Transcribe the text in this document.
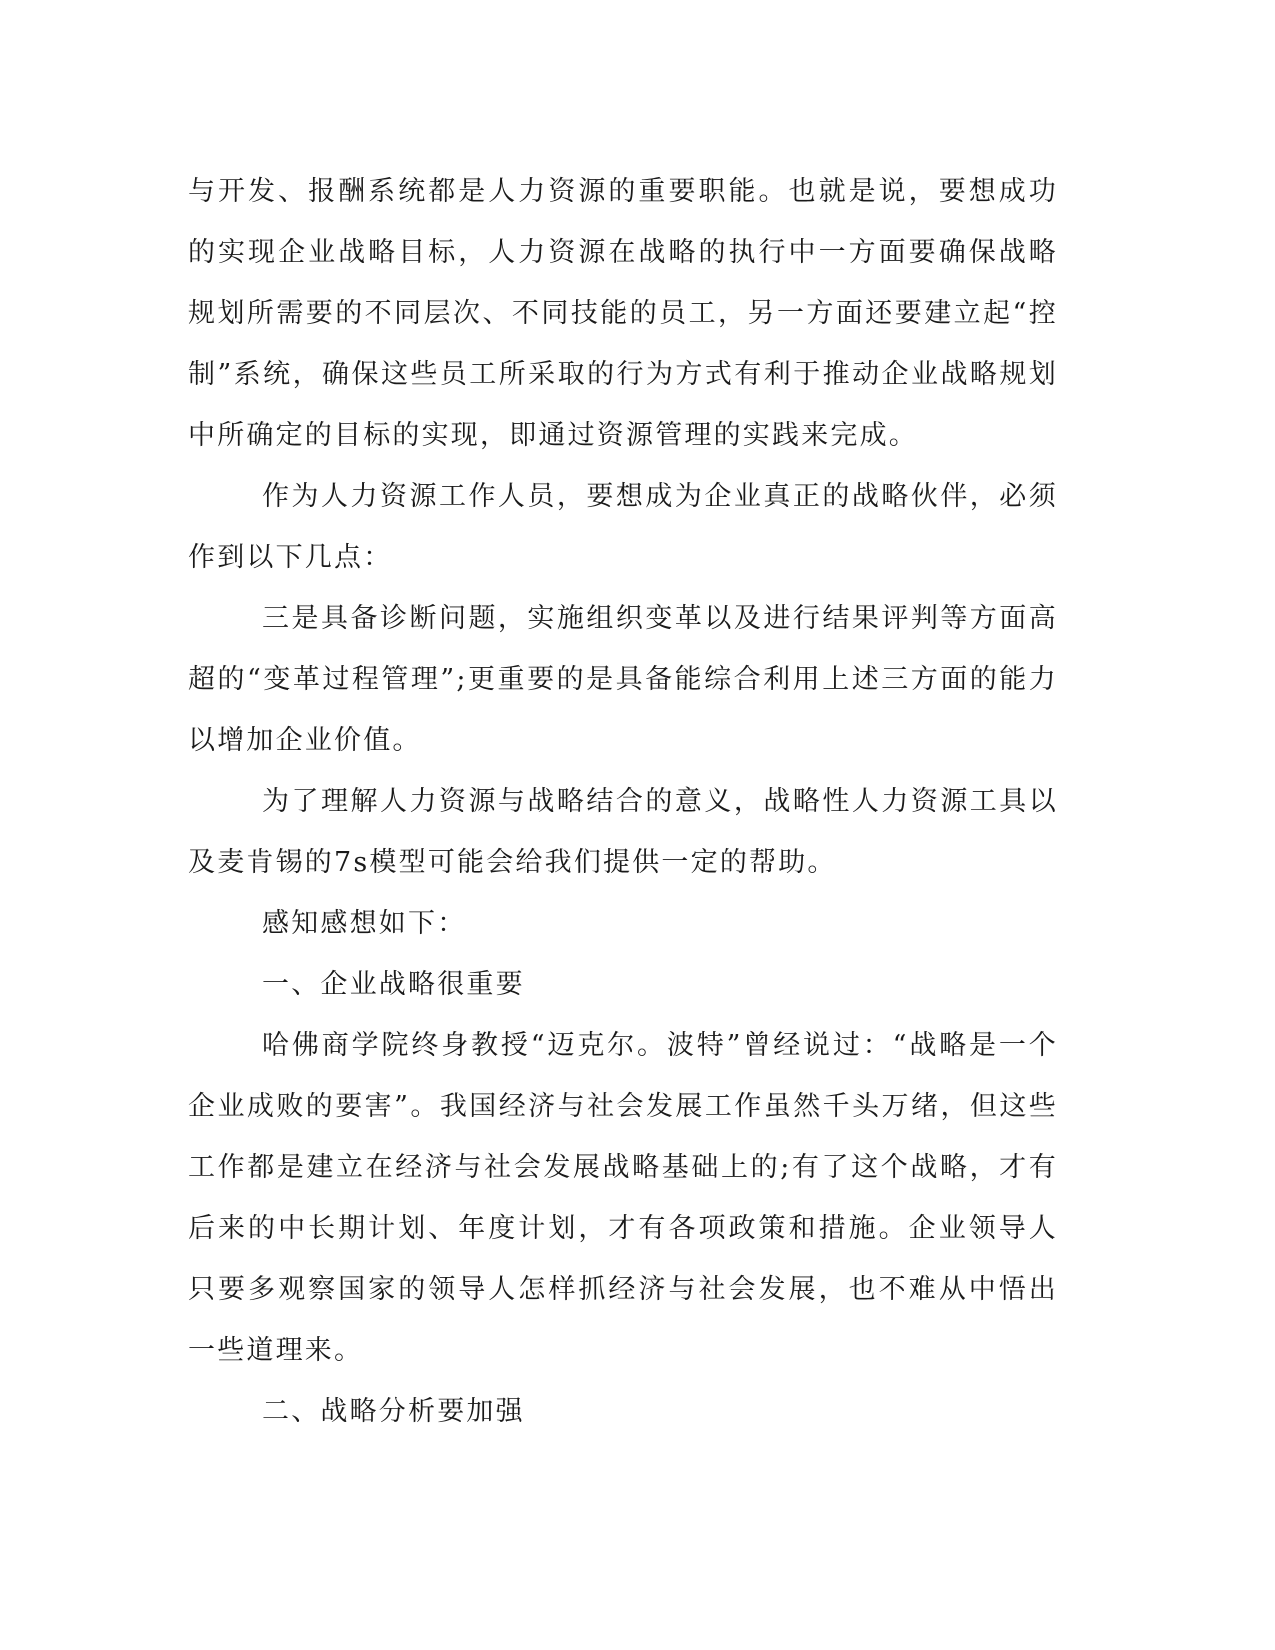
与开发、报酬系统都是人力资源的重要职能。也就是说，要想成功的实现企业战略目标，人力资源在战略的执行中一方面要确保战略规划所需要的不同层次、不同技能的员工，另一方面还要建立起“控制”系统，确保这些员工所采取的行为方式有利于推动企业战略规划中所确定的目标的实现，即通过资源管理的实践来完成。

作为人力资源工作人员，要想成为企业真正的战略伙伴，必须作到以下几点：

三是具备诊断问题，实施组织变革以及进行结果评判等方面高超的“变革过程管理”;更重要的是具备能综合利用上述三方面的能力以增加企业价值。

为了理解人力资源与战略结合的意义，战略性人力资源工具以及麦肯锡的7s模型可能会给我们提供一定的帮助。

感知感想如下：

一、企业战略很重要

哈佛商学院终身教授“迈克尔。波特”曾经说过：“战略是一个企业成败的要害”。我国经济与社会发展工作虽然千头万绪，但这些工作都是建立在经济与社会发展战略基础上的;有了这个战略，才有后来的中长期计划、年度计划，才有各项政策和措施。企业领导人只要多观察国家的领导人怎样抓经济与社会发展，也不难从中悟出一些道理来。

二、战略分析要加强
